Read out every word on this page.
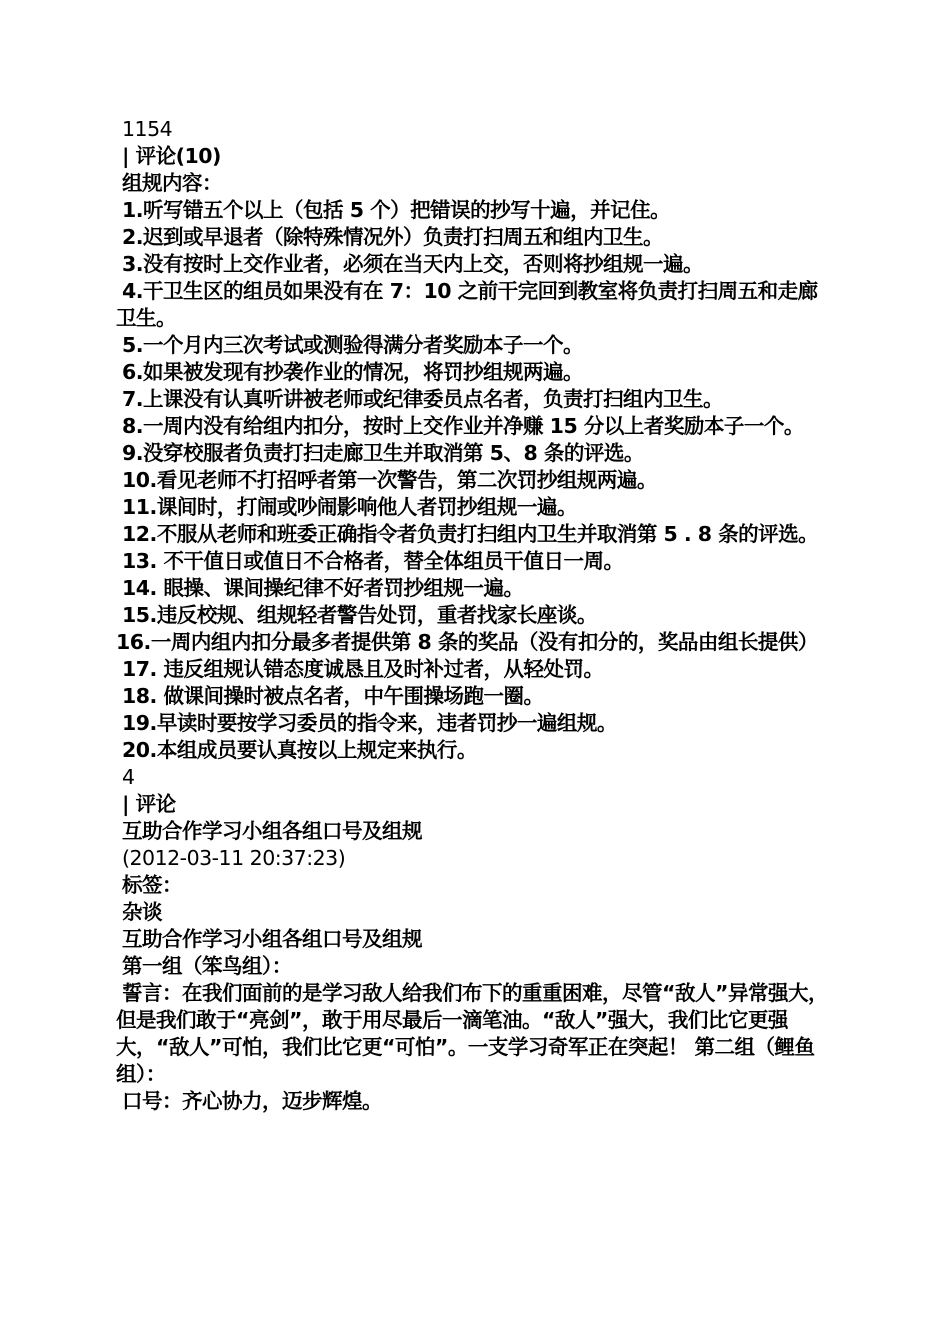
1154
| 评论(10)
组规内容：
1.听写错五个以上（包括 5 个）把错误的抄写十遍，并记住。
2.迟到或早退者（除特殊情况外）负责打扫周五和组内卫生。
3.没有按时上交作业者，必须在当天内上交，否则将抄组规一遍。
4.干卫生区的组员如果没有在 7：10 之前干完回到教室将负责打扫周五和走廊卫生。
5.一个月内三次考试或测验得满分者奖励本子一个。
6.如果被发现有抄袭作业的情况，将罚抄组规两遍。
7.上课没有认真听讲被老师或纪律委员点名者，负责打扫组内卫生。
8.一周内没有给组内扣分，按时上交作业并净赚 15 分以上者奖励本子一个。
9.没穿校服者负责打扫走廊卫生并取消第 5、8 条的评选。
10.看见老师不打招呼者第一次警告，第二次罚抄组规两遍。
11.课间时，打闹或吵闹影响他人者罚抄组规一遍。
12.不服从老师和班委正确指令者负责打扫组内卫生并取消第 5 . 8 条的评选。
13. 不干值日或值日不合格者，替全体组员干值日一周。
14. 眼操、课间操纪律不好者罚抄组规一遍。
15.违反校规、组规轻者警告处罚，重者找家长座谈。
16.一周内组内扣分最多者提供第 8 条的奖品（没有扣分的，奖品由组长提供）
17. 违反组规认错态度诚恳且及时补过者，从轻处罚。
18. 做课间操时被点名者，中午围操场跑一圈。
19.早读时要按学习委员的指令来，违者罚抄一遍组规。
20.本组成员要认真按以上规定来执行。
4
| 评论
互助合作学习小组各组口号及组规
(2012-03-11 20:37:23)
标签：
杂谈
互助合作学习小组各组口号及组规
第一组（笨鸟组）：
誓言：在我们面前的是学习敌人给我们布下的重重困难，尽管“敌人”异常强大，但是我们敢于“亮剑”，敢于用尽最后一滴笔油。“敌人”强大，我们比它更强大，“敌人”可怕，我们比它更“可怕”。一支学习奇军正在突起！ 第二组（鲤鱼组）：
口号：齐心协力，迈步辉煌。
